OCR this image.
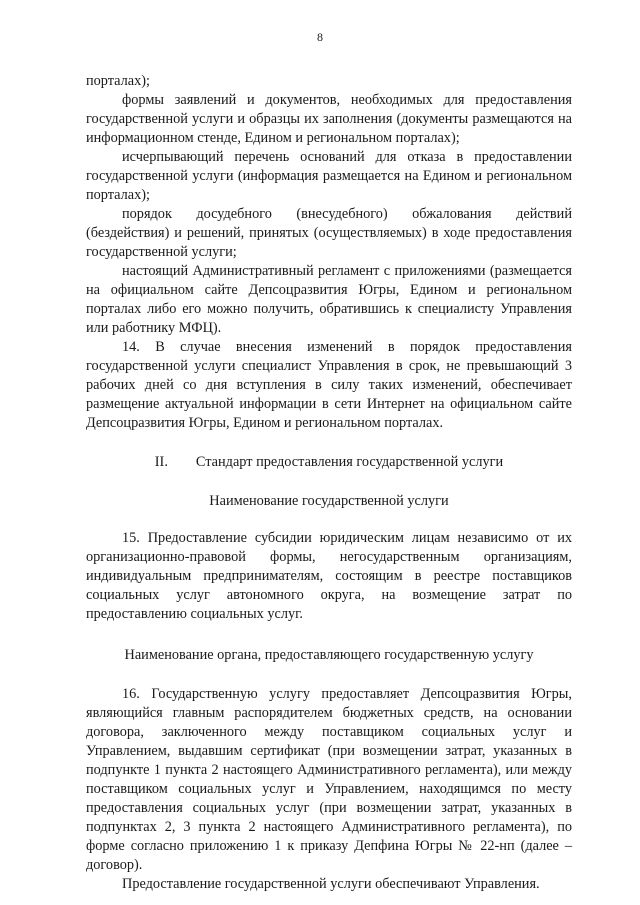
8

порталах);

формы заявлений и документов, необходимых для предоставления государственной услуги и образцы их заполнения (документы размещаются на информационном стенде, Едином и региональном порталах);

исчерпывающий перечень оснований для отказа в предоставлении государственной услуги (информация размещается на Едином и региональном порталах);

порядок досудебного (внесудебного) обжалования действий (бездействия) и решений, принятых (осуществляемых) в ходе предоставления государственной услуги;

настоящий Административный регламент с приложениями (размещается на официальном сайте Депсоцразвития Югры, Едином и региональном порталах либо его можно получить, обратившись к специалисту Управления или работнику МФЦ).

14. В случае внесения изменений в порядок предоставления государственной услуги специалист Управления в срок, не превышающий 3 рабочих дней со дня вступления в силу таких изменений, обеспечивает размещение актуальной информации в сети Интернет на официальном сайте Депсоцразвития Югры, Едином и региональном порталах.

II. Стандарт предоставления государственной услуги
Наименование государственной услуги

15. Предоставление субсидии юридическим лицам независимо от их организационно-правовой формы, негосударственным организациям, индивидуальным предпринимателям, состоящим в реестре поставщиков социальных услуг автономного округа, на возмещение затрат по предоставлению социальных услуг.

Наименование органа, предоставляющего государственную услугу

16. Государственную услугу предоставляет Депсоцразвития Югры, являющийся главным распорядителем бюджетных средств, на основании договора, заключенного между поставщиком социальных услуг и Управлением, выдавшим сертификат (при возмещении затрат, указанных в подпункте 1 пункта 2 настоящего Административного регламента), или между поставщиком социальных услуг и Управлением, находящимся по месту предоставления социальных услуг (при возмещении затрат, указанных в подпунктах 2, 3 пункта 2 настоящего Административного регламента), по форме согласно приложению 1 к приказу Депфина Югры № 22-нп (далее – договор).

Предоставление государственной услуги обеспечивают Управления.
